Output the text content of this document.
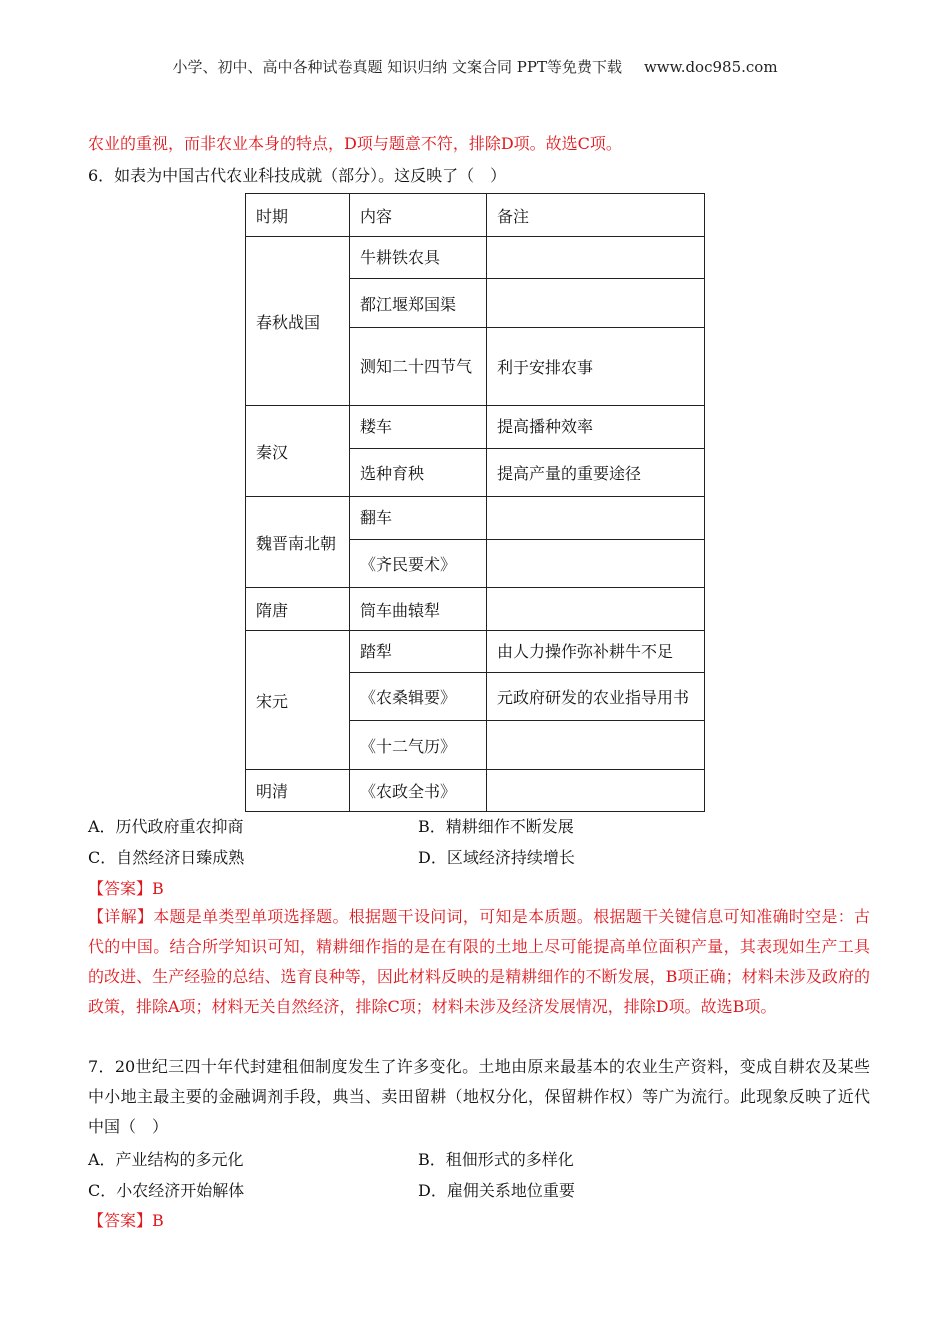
小学、初中、高中各种试卷真题 知识归纳 文案合同 PPT等免费下载 www.doc985.com
农业的重视，而非农业本身的特点，D项与题意不符，排除D项。故选C项。
6．如表为中国古代农业科技成就（部分）。这反映了（　）
时期	内容	备注
春秋战国	牛耕铁农具	
	都江堰郑国渠	
	测知二十四节气	利于安排农事
秦汉	耧车	提高播种效率
	选种育秧	提高产量的重要途径
魏晋南北朝	翻车	
	《齐民要术》	
隋唐	筒车曲辕犁	
宋元	踏犁	由人力操作弥补耕牛不足
	《农桑辑要》	元政府研发的农业指导用书
	《十二气历》	
明清	《农政全书》	
A．历代政府重农抑商	B．精耕细作不断发展
C．自然经济日臻成熟	D．区域经济持续增长
【答案】B
【详解】本题是单类型单项选择题。根据题干设问词，可知是本质题。根据题干关键信息可知准确时空是：古代的中国。结合所学知识可知，精耕细作指的是在有限的土地上尽可能提高单位面积产量，其表现如生产工具的改进、生产经验的总结、选育良种等，因此材料反映的是精耕细作的不断发展，B项正确；材料未涉及政府的政策，排除A项；材料无关自然经济，排除C项；材料未涉及经济发展情况，排除D项。故选B项。
7．20世纪三四十年代封建租佃制度发生了许多变化。土地由原来最基本的农业生产资料，变成自耕农及某些中小地主最主要的金融调剂手段，典当、卖田留耕（地权分化，保留耕作权）等广为流行。此现象反映了近代中国（　）
A．产业结构的多元化	B．租佃形式的多样化
C．小农经济开始解体	D．雇佣关系地位重要
【答案】B
